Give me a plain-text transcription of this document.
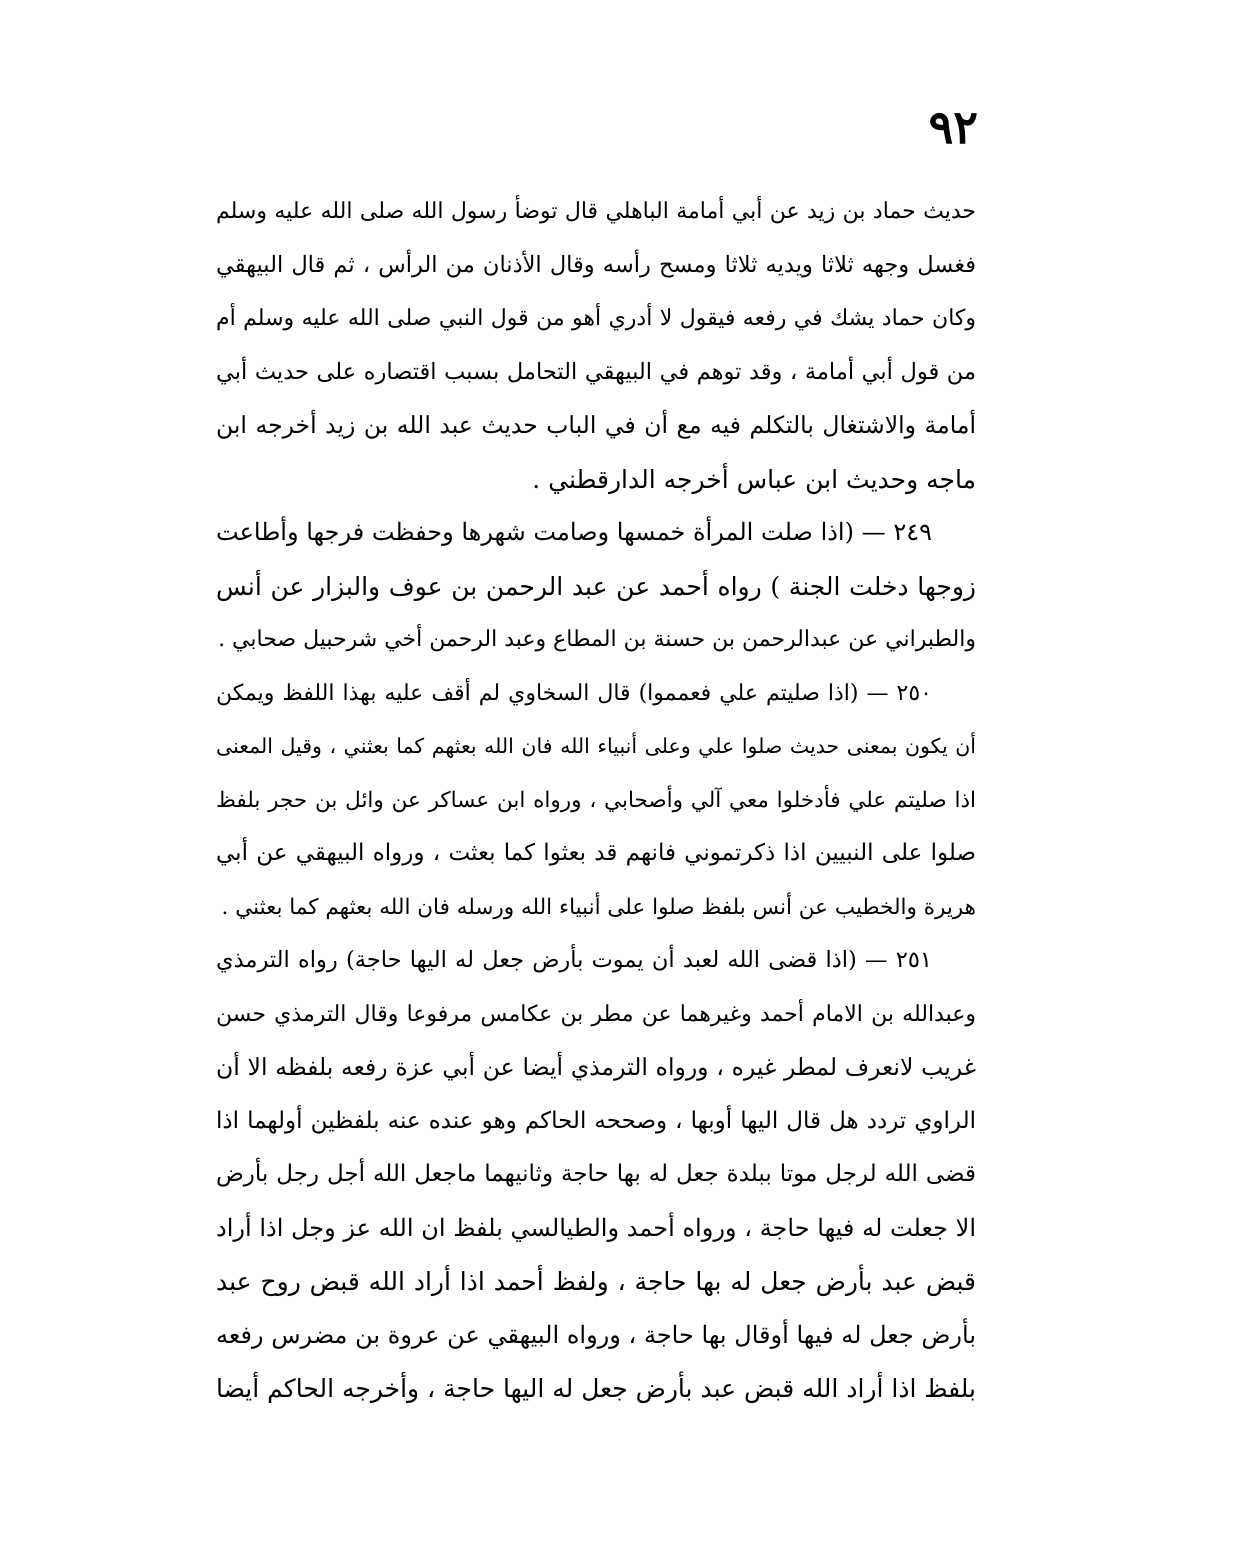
٩٢
حديث حماد بن زيد عن أبي أمامة الباهلي قال توضأ رسول الله صلى الله عليه وسلم
فغسل وجهه ثلاثا ويديه ثلاثا ومسح رأسه وقال الأذنان من الرأس ، ثم قال البيهقي
وكان حماد يشك في رفعه فيقول لا أدري أهو من قول النبي صلى الله عليه وسلم أم
من قول أبي أمامة ، وقد توهم في البيهقي التحامل بسبب اقتصاره على حديث أبي
أمامة والاشتغال بالتكلم فيه مع أن في الباب حديث عبد الله بن زيد أخرجه ابن
ماجه وحديث ابن عباس أخرجه الدارقطني .
٢٤٩ — (اذا صلت المرأة خمسها وصامت شهرها وحفظت فرجها وأطاعت
زوجها دخلت الجنة ) رواه أحمد عن عبد الرحمن بن عوف والبزار عن أنس
والطبراني عن عبدالرحمن بن حسنة بن المطاع وعبد الرحمن أخي شرحبيل صحابي .
٢٥٠ — (اذا صليتم علي فعمموا) قال السخاوي لم أقف عليه بهذا اللفظ ويمكن
أن يكون بمعنى حديث صلوا علي وعلى أنبياء الله فان الله بعثهم كما بعثني ، وقيل المعنى
اذا صليتم علي فأدخلوا معي آلي وأصحابي ، ورواه ابن عساكر عن وائل بن حجر بلفظ
صلوا على النبيين اذا ذكرتموني فانهم قد بعثوا كما بعثت ، ورواه البيهقي عن أبي
هريرة والخطيب عن أنس بلفظ صلوا على أنبياء الله ورسله فان الله بعثهم كما بعثني .
٢٥١ — (اذا قضى الله لعبد أن يموت بأرض جعل له اليها حاجة) رواه الترمذي
وعبدالله بن الامام أحمد وغيرهما عن مطر بن عكامس مرفوعا وقال الترمذي حسن
غريب لانعرف لمطر غيره ، ورواه الترمذي أيضا عن أبي عزة رفعه بلفظه الا أن
الراوي تردد هل قال اليها أوبها ، وصححه الحاكم وهو عنده عنه بلفظين أولهما اذا
قضى الله لرجل موتا ببلدة جعل له بها حاجة وثانيهما ماجعل الله أجل رجل بأرض
الا جعلت له فيها حاجة ، ورواه أحمد والطيالسي بلفظ ان الله عز وجل اذا أراد
قبض عبد بأرض جعل له بها حاجة ، ولفظ أحمد اذا أراد الله قبض روح عبد
بأرض جعل له فيها أوقال بها حاجة ، ورواه البيهقي عن عروة بن مضرس رفعه
بلفظ اذا أراد الله قبض عبد بأرض جعل له اليها حاجة ، وأخرجه الحاكم أيضا
